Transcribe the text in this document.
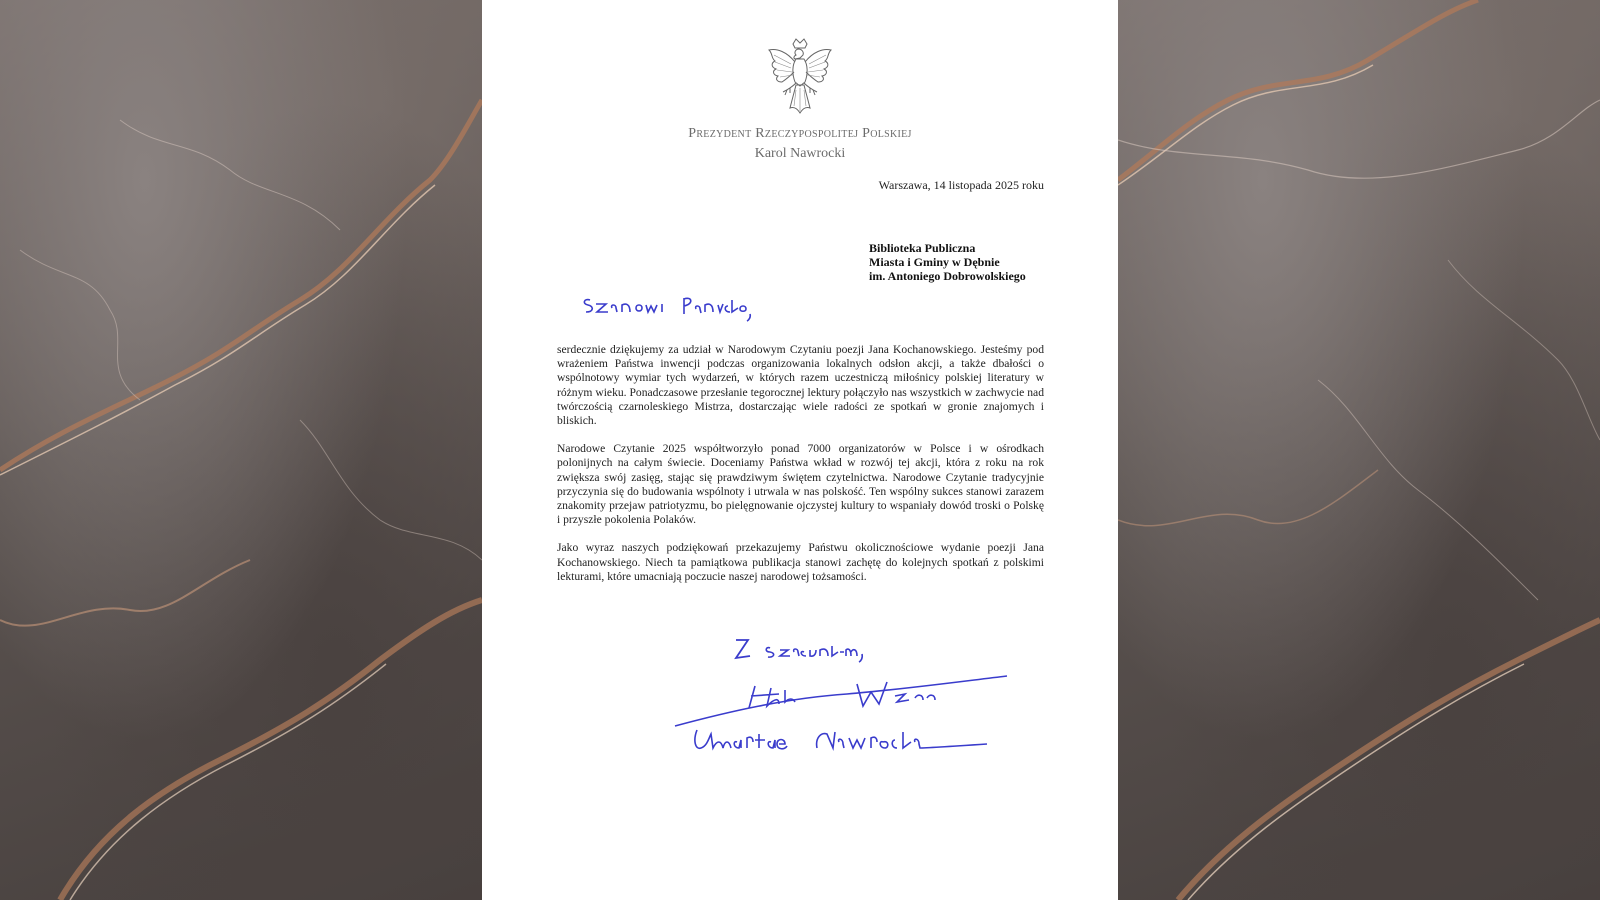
Prezydent Rzeczypospolitej Polskiej
Karol Nawrocki
Warszawa, 14 listopada 2025 roku
Biblioteka Publiczna
Miasta i Gminy w Dębnie
im. Antoniego Dobrowolskiego

serdecznie dziękujemy za udział w Narodowym Czytaniu poezji Jana Kochanowskiego. Jesteśmy pod wrażeniem Państwa inwencji podczas organizowania lokalnych odsłon akcji, a także dbałości o wspólnotowy wymiar tych wydarzeń, w których razem uczestniczą miłośnicy polskiej literatury w różnym wieku. Ponadczasowe przesłanie tegorocznej lektury połączyło nas wszystkich w zachwycie nad twórczością czarnoleskiego Mistrza, dostarczając wiele radości ze spotkań w gronie znajomych i bliskich.

Narodowe Czytanie 2025 współtworzyło ponad 7000 organizatorów w Polsce i w ośrodkach polonijnych na całym świecie. Doceniamy Państwa wkład w rozwój tej akcji, która z roku na rok zwiększa swój zasięg, stając się prawdziwym świętem czytelnictwa. Narodowe Czytanie tradycyjnie przyczynia się do budowania wspólnoty i utrwala w nas polskość. Ten wspólny sukces stanowi zarazem znakomity przejaw patriotyzmu, bo pielęgnowanie ojczystej kultury to wspaniały dowód troski o Polskę i przyszłe pokolenia Polaków.

Jako wyraz naszych podziękowań przekazujemy Państwu okolicznościowe wydanie poezji Jana Kochanowskiego. Niech ta pamiątkowa publikacja stanowi zachętę do kolejnych spotkań z polskimi lekturami, które umacniają poczucie naszej narodowej tożsamości.
